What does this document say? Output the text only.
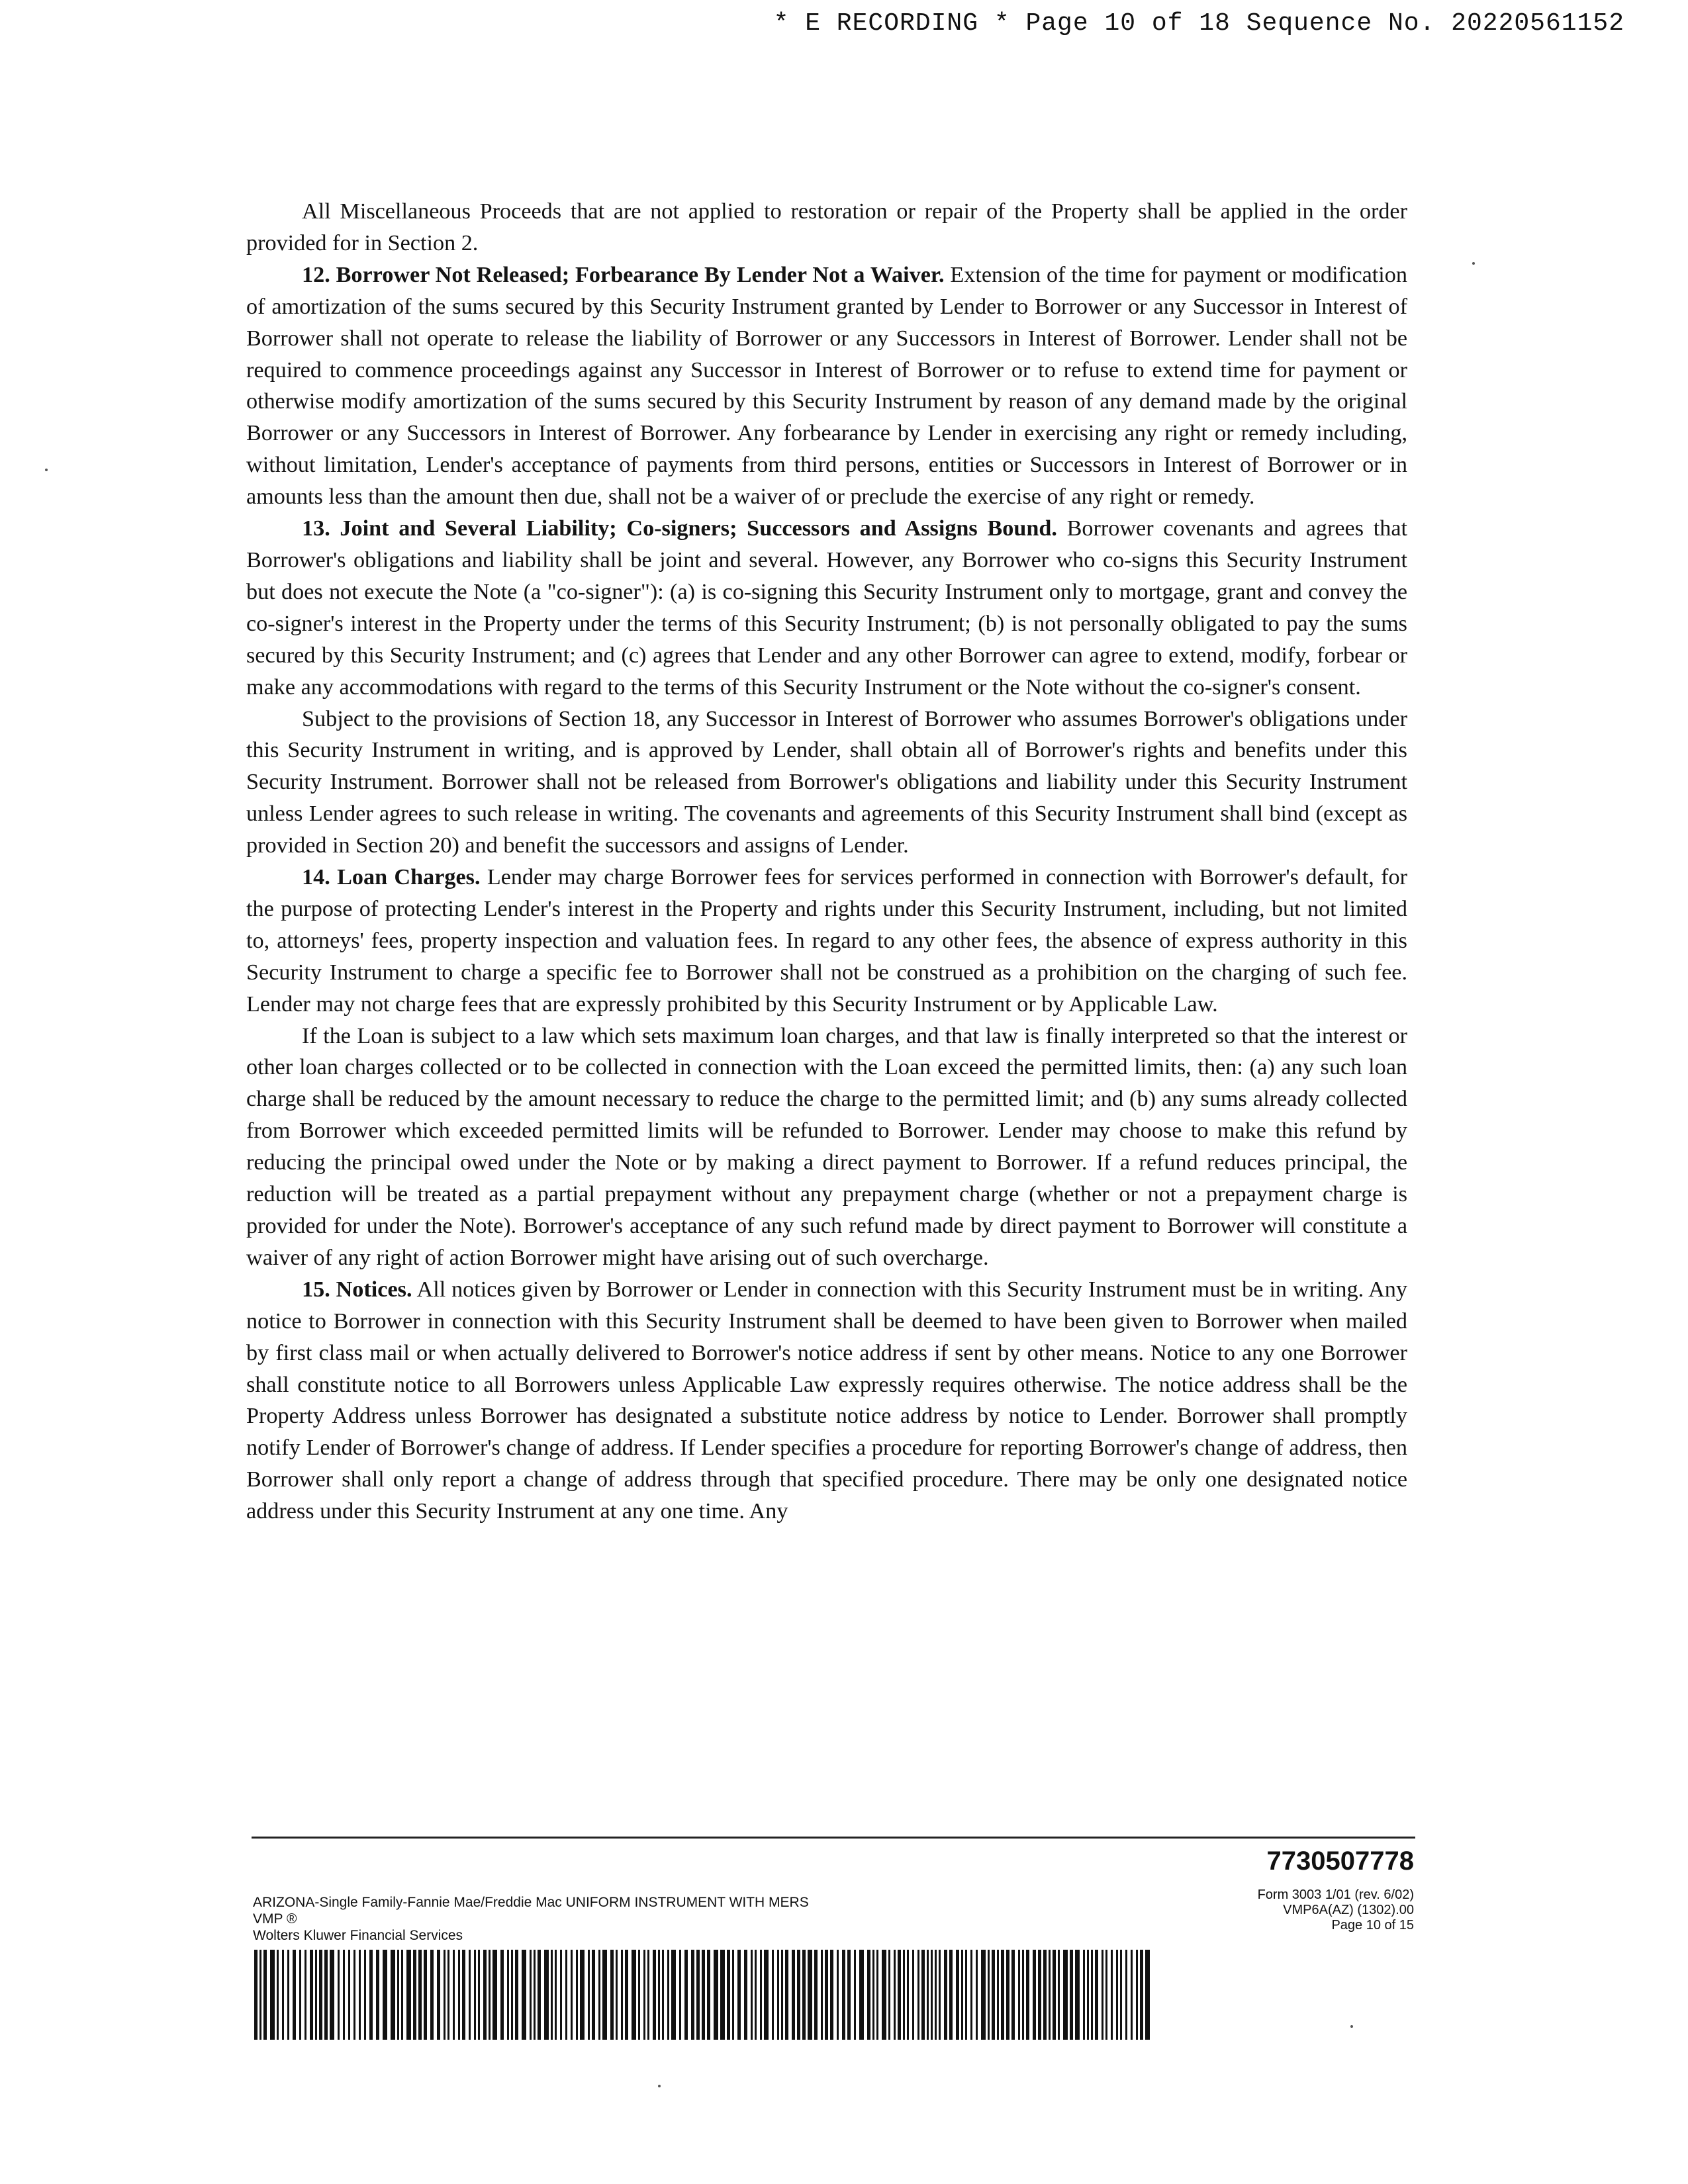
* E RECORDING * Page 10 of 18 Sequence No. 20220561152

All Miscellaneous Proceeds that are not applied to restoration or repair of the Property shall be applied in the order provided for in Section 2.

12. Borrower Not Released; Forbearance By Lender Not a Waiver. Extension of the time for payment or modification of amortization of the sums secured by this Security Instrument granted by Lender to Borrower or any Successor in Interest of Borrower shall not operate to release the liability of Borrower or any Successors in Interest of Borrower. Lender shall not be required to commence proceedings against any Successor in Interest of Borrower or to refuse to extend time for payment or otherwise modify amortization of the sums secured by this Security Instrument by reason of any demand made by the original Borrower or any Successors in Interest of Borrower. Any forbearance by Lender in exercising any right or remedy including, without limitation, Lender's acceptance of payments from third persons, entities or Successors in Interest of Borrower or in amounts less than the amount then due, shall not be a waiver of or preclude the exercise of any right or remedy.

13. Joint and Several Liability; Co-signers; Successors and Assigns Bound. Borrower covenants and agrees that Borrower's obligations and liability shall be joint and several. However, any Borrower who co-signs this Security Instrument but does not execute the Note (a "co-signer"): (a) is co-signing this Security Instrument only to mortgage, grant and convey the co-signer's interest in the Property under the terms of this Security Instrument; (b) is not personally obligated to pay the sums secured by this Security Instrument; and (c) agrees that Lender and any other Borrower can agree to extend, modify, forbear or make any accommodations with regard to the terms of this Security Instrument or the Note without the co-signer's consent.

Subject to the provisions of Section 18, any Successor in Interest of Borrower who assumes Borrower's obligations under this Security Instrument in writing, and is approved by Lender, shall obtain all of Borrower's rights and benefits under this Security Instrument. Borrower shall not be released from Borrower's obligations and liability under this Security Instrument unless Lender agrees to such release in writing. The covenants and agreements of this Security Instrument shall bind (except as provided in Section 20) and benefit the successors and assigns of Lender.

14. Loan Charges. Lender may charge Borrower fees for services performed in connection with Borrower's default, for the purpose of protecting Lender's interest in the Property and rights under this Security Instrument, including, but not limited to, attorneys' fees, property inspection and valuation fees. In regard to any other fees, the absence of express authority in this Security Instrument to charge a specific fee to Borrower shall not be construed as a prohibition on the charging of such fee. Lender may not charge fees that are expressly prohibited by this Security Instrument or by Applicable Law.

If the Loan is subject to a law which sets maximum loan charges, and that law is finally interpreted so that the interest or other loan charges collected or to be collected in connection with the Loan exceed the permitted limits, then: (a) any such loan charge shall be reduced by the amount necessary to reduce the charge to the permitted limit; and (b) any sums already collected from Borrower which exceeded permitted limits will be refunded to Borrower. Lender may choose to make this refund by reducing the principal owed under the Note or by making a direct payment to Borrower. If a refund reduces principal, the reduction will be treated as a partial prepayment without any prepayment charge (whether or not a prepayment charge is provided for under the Note). Borrower's acceptance of any such refund made by direct payment to Borrower will constitute a waiver of any right of action Borrower might have arising out of such overcharge.

15. Notices. All notices given by Borrower or Lender in connection with this Security Instrument must be in writing. Any notice to Borrower in connection with this Security Instrument shall be deemed to have been given to Borrower when mailed by first class mail or when actually delivered to Borrower's notice address if sent by other means. Notice to any one Borrower shall constitute notice to all Borrowers unless Applicable Law expressly requires otherwise. The notice address shall be the Property Address unless Borrower has designated a substitute notice address by notice to Lender. Borrower shall promptly notify Lender of Borrower's change of address. If Lender specifies a procedure for reporting Borrower's change of address, then Borrower shall only report a change of address through that specified procedure. There may be only one designated notice address under this Security Instrument at any one time. Any

7730507778
ARIZONA-Single Family-Fannie Mae/Freddie Mac UNIFORM INSTRUMENT WITH MERS
VMP ®
Wolters Kluwer Financial Services
Form 3003 1/01 (rev. 6/02)
VMP6A(AZ) (1302).00
Page 10 of 15
